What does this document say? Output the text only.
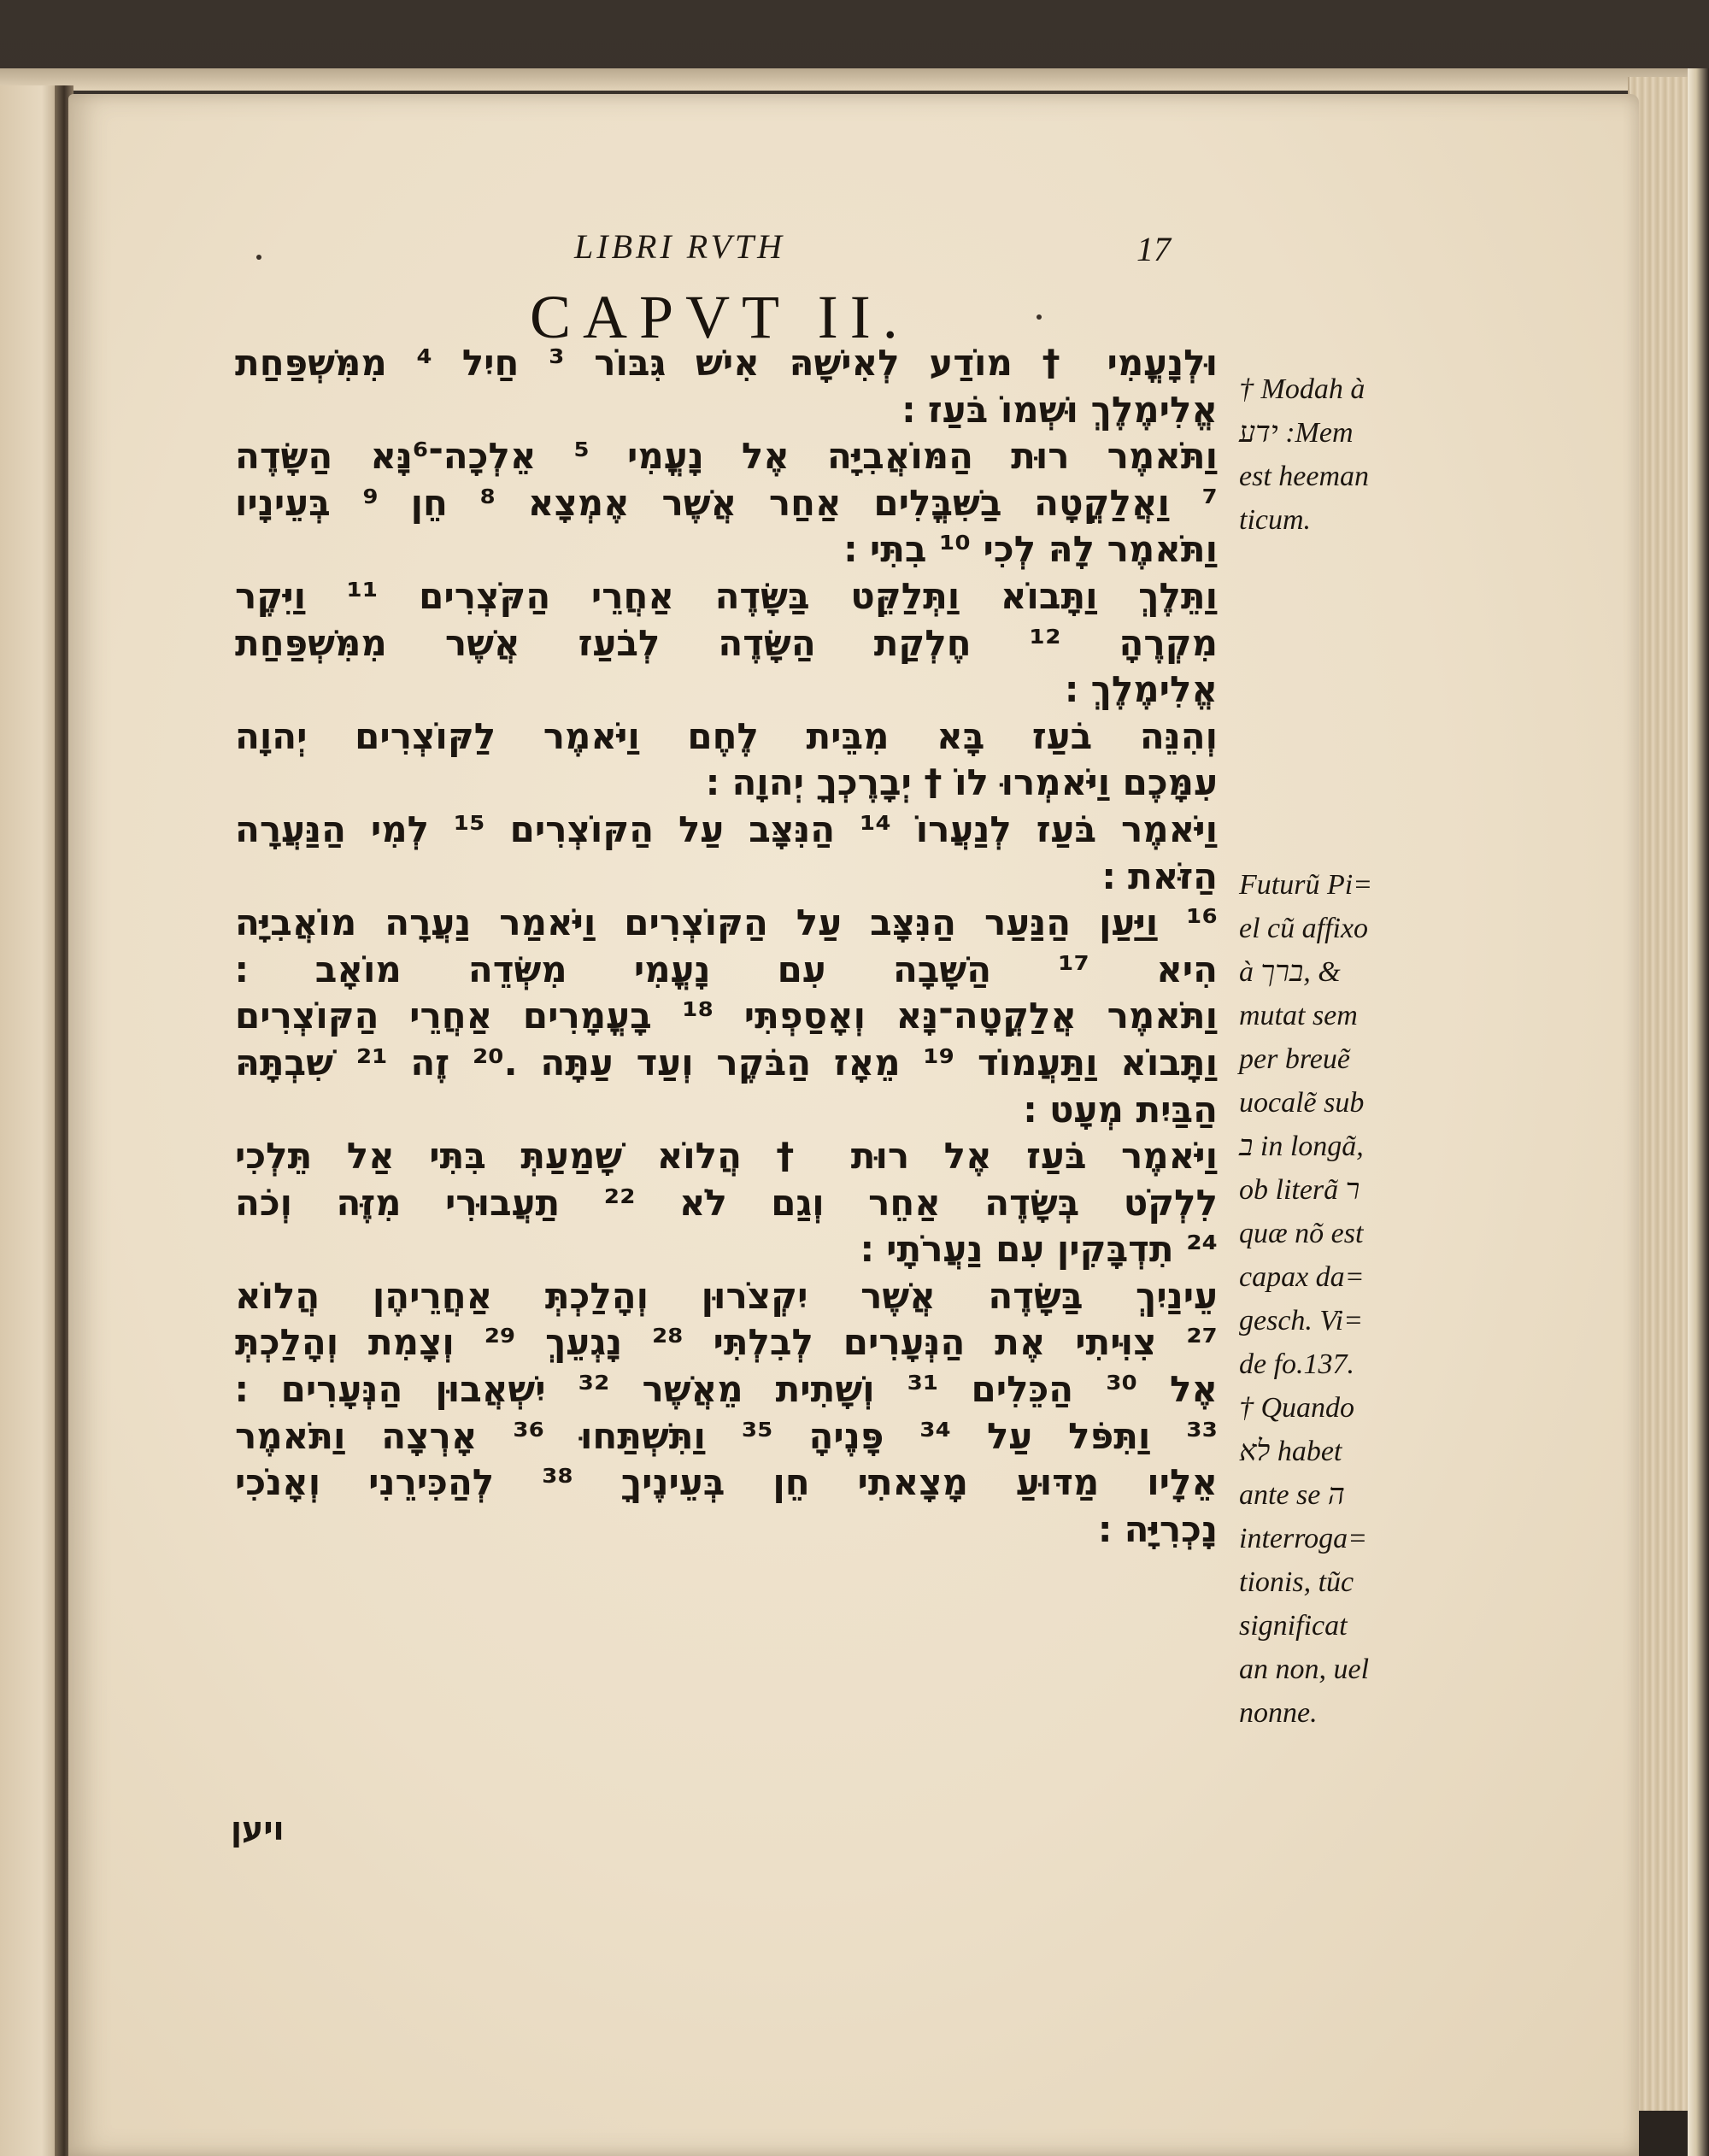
LIBRI RVTH	17
CAPVT II.
וּלְנָעֳמִי † מוֹדַע לְאִישָׁהּ אִישׁ גִּבּוֹר ³ חַיִל ⁴ מִמִּשְׁפַּחַת
אֱלִימֶלֶךְ וּשְׁמוֹ בֹּעַז ׃
וַתֹּאמֶר רוּת הַמּוֹאֲבִיָּה אֶל נָעֳמִי ⁵ אֵלְכָה־⁶נָּא הַשָּׂדֶה
⁷ וַאֲלַקֳטָה בַשִּׁבֳּלִים אַחַר אֲשֶׁר אֶמְצָא ⁸ חֵן ⁹ בְּעֵינָיו
וַתֹּאמֶר לָהּ לְכִי ¹⁰ בִתִּי ׃
וַתֵּלֶךְ וַתָּבוֹא וַתְּלַקֵּט בַּשָּׂדֶה אַחֲרֵי הַקֹּצְרִים ¹¹ וַיִּקֶר
מִקְרֶהָ ¹² חֶלְקַת הַשָּׂדֶה לְבֹעַז אֲשֶׁר מִמִּשְׁפַּחַת
אֱלִימֶלֶךְ ׃
וְהִנֵּה בֹעַז בָּא מִבֵּית לֶחֶם וַיֹּאמֶר לַקּוֹצְרִים יְהוָה
עִמָּכֶם וַיֹּאמְרוּ לוֹ † יְבָרֶכְךָ יְהוָה ׃
וַיֹּאמֶר בֹּעַז לְנַעֲרוֹ ¹⁴ הַנִּצָּב עַל הַקּוֹצְרִים ¹⁵ לְמִי הַנַּעֲרָה
הַזֹּאת ׃
¹⁶ וַיַּעַן הַנַּעַר הַנִּצָּב עַל הַקּוֹצְרִים וַיֹּאמַר נַעֲרָה מוֹאֲבִיָּה
הִיא ¹⁷ הַשָּׁבָה עִם נָעֳמִי מִשְּׂדֵה מוֹאָב ׃
וַתֹּאמֶר אֲלַקֳטָה־נָּא וְאָסַפְתִּי ¹⁸ בָעֳמָרִים אַחֲרֵי הַקּוֹצְרִים
וַתָּבוֹא וַתַּעֲמוֹד ¹⁹ מֵאָז הַבֹּקֶר וְעַד עַתָּה .²⁰ זֶה ²¹ שִׁבְתָּהּ
הַבַּיִת מְעָט ׃
וַיֹּאמֶר בֹּעַז אֶל רוּת † הֲלוֹא שָׁמַעַתְּ בִּתִּי אַל תֵּלְכִי
לִלְקֹט בְּשָׂדֶה אַחֵר וְגַם לֹא ²² תַעֲבוּרִי מִזֶּה וְכֹה
²⁴ תִדְבָּקִין עִם נַעֲרֹתָי ׃
עֵינַיִךְ בַּשָּׂדֶה אֲשֶׁר יִקְצֹרוּן וְהָלַכְתְּ אַחֲרֵיהֶן הֲלוֹא
²⁷ צִוִּיתִי אֶת הַנְּעָרִים לְבִלְתִּי ²⁸ נָגְעֵךְ ²⁹ וְצָמִת וְהָלַכְתְּ
אֶל ³⁰ הַכֵּלִים ³¹ וְשָׁתִית מֵאֲשֶׁר ³² יִשְׁאֲבוּן הַנְּעָרִים ׃
³³ וַתִּפֹּל עַל ³⁴ פָּנֶיהָ ³⁵ וַתִּשְׁתַּחוּ ³⁶ אָרְצָה וַתֹּאמֶר
אֵלָיו מַדּוּעַ מָצָאתִי חֵן בְּעֵינֶיךָ ³⁸ לְהַכִּירֵנִי וְאָנֹכִי
נָכְרִיָּה ׃
† Modah à
ידע :Mem
est heeman
ticum.
Futurũ Pi=
el cũ affixo
à ברך, &
mutat sem
per breuẽ
uocalẽ sub
ב in longã,
ob literã ר
quæ nõ est
capax da=
gesch. Vi=
de fo.137.
† Quando
לא habet
ante se ה
interroga=
tionis, tũc
significat
an non, uel
nonne.
ויען
